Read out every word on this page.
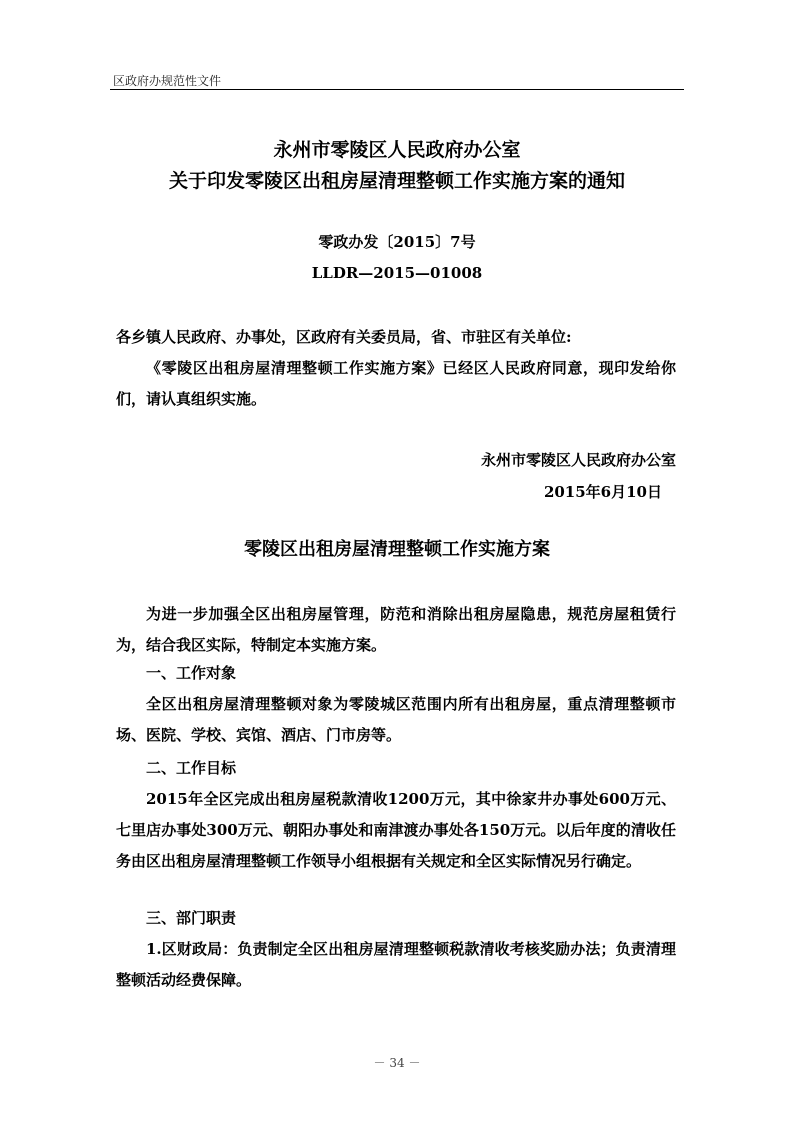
区政府办规范性文件
永州市零陵区人民政府办公室
关于印发零陵区出租房屋清理整顿工作实施方案的通知
零政办发〔2015〕7号
LLDR—2015—01008

各乡镇人民政府、办事处，区政府有关委员局，省、市驻区有关单位:

《零陵区出租房屋清理整顿工作实施方案》已经区人民政府同意，现印发给你们，请认真组织实施。

永州市零陵区人民政府办公室
2015年6月10日
零陵区出租房屋清理整顿工作实施方案

为进一步加强全区出租房屋管理，防范和消除出租房屋隐患，规范房屋租赁行为，结合我区实际，特制定本实施方案。

一、工作对象

全区出租房屋清理整顿对象为零陵城区范围内所有出租房屋，重点清理整顿市场、医院、学校、宾馆、酒店、门市房等。

二、工作目标

2015年全区完成出租房屋税款清收1200万元，其中徐家井办事处600万元、七里店办事处300万元、朝阳办事处和南津渡办事处各150万元。以后年度的清收任务由区出租房屋清理整顿工作领导小组根据有关规定和全区实际情况另行确定。

三、部门职责

1.区财政局：负责制定全区出租房屋清理整顿税款清收考核奖励办法；负责清理整顿活动经费保障。

－ 34 －
